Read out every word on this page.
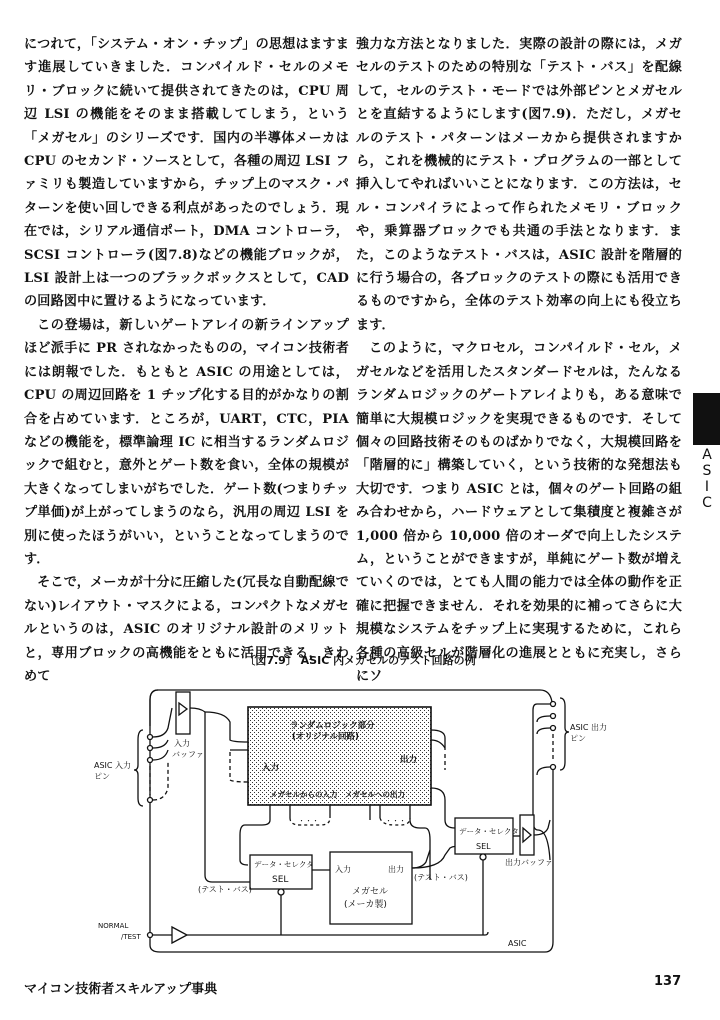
につれて，「システム・オン・チップ」の思想はますます進展していきました．コンパイルド・セルのメモリ・ブロックに続いて提供されてきたのは，CPU 周辺 LSI の機能をそのまま搭載してしまう，という「メガセル」のシリーズです．国内の半導体メーカは CPU のセカンド・ソースとして，各種の周辺 LSI ファミリも製造していますから，チップ上のマスク・パターンを使い回しできる利点があったのでしょう．現在では，シリアル通信ポート，DMA コントローラ，SCSI コントローラ(図7.8)などの機能ブロックが，LSI 設計上は一つのブラックボックスとして，CAD の回路図中に置けるようになっています．

この登場は，新しいゲートアレイの新ラインアップほど派手に PR されなかったものの，マイコン技術者には朗報でした．もともと ASIC の用途としては，CPU の周辺回路を 1 チップ化する目的がかなりの割合を占めています．ところが，UART，CTC，PIA などの機能を，標準論理 IC に相当するランダムロジックで組むと，意外とゲート数を食い，全体の規模が大きくなってしまいがちでした．ゲート数(つまりチップ単価)が上がってしまうのなら，汎用の周辺 LSI を別に使ったほうがいい，ということなってしまうのです．

そこで，メーカが十分に圧縮した(冗長な自動配線でない)レイアウト・マスクによる，コンパクトなメガセルというのは，ASIC のオリジナル設計のメリットと，専用ブロックの高機能をともに活用できる，きわめて

強力な方法となりました．実際の設計の際には，メガセルのテストのための特別な「テスト・バス」を配線して，セルのテスト・モードでは外部ピンとメガセルとを直結するようにします(図7.9)．ただし，メガセルのテスト・パターンはメーカから提供されますから，これを機械的にテスト・プログラムの一部として挿入してやればいいことになります．この方法は，セル・コンパイラによって作られたメモリ・ブロックや，乗算器ブロックでも共通の手法となります．また，このようなテスト・バスは，ASIC 設計を階層的に行う場合の，各ブロックのテストの際にも活用できるものですから，全体のテスト効率の向上にも役立ちます．

このように，マクロセル，コンパイルド・セル，メガセルなどを活用したスタンダードセルは，たんなるランダムロジックのゲートアレイよりも，ある意味で簡単に大規模ロジックを実現できるものです．そして個々の回路技術そのものばかりでなく，大規模回路を「階層的に」構築していく，という技術的な発想法も大切です．つまり ASIC とは，個々のゲート回路の組み合わせから，ハードウェアとして集積度と複雑さが 1,000 倍から 10,000 倍のオーダで向上したシステム，ということができますが，単純にゲート数が増えていくのでは，とても人間の能力では全体の動作を正確に把握できません．それを効果的に補ってさらに大規模なシステムをチップ上に実現するために，これら各種の高級セルが階層化の進展とともに充実し，さらにソ

A
S
I
C
〔図7.9〕 ASIC 内メガセルのテスト回路の例
ASIC 入力
ピン
入力
バッファ
ランダムロジック部分
(オリジナル回路)
入力
出力
メガセルからの入力 メガセルへの出力
・・・	・・・
データ・セレクタ
SEL
(テスト・バス)
入力	出力
メガセル
(メーカ製)
(テスト・バス)
データ・セレクタ
SEL
ASIC 出力
ピン
出力バッファ
NORMAL
/TEST
ASIC
マイコン技術者スキルアップ事典
137
